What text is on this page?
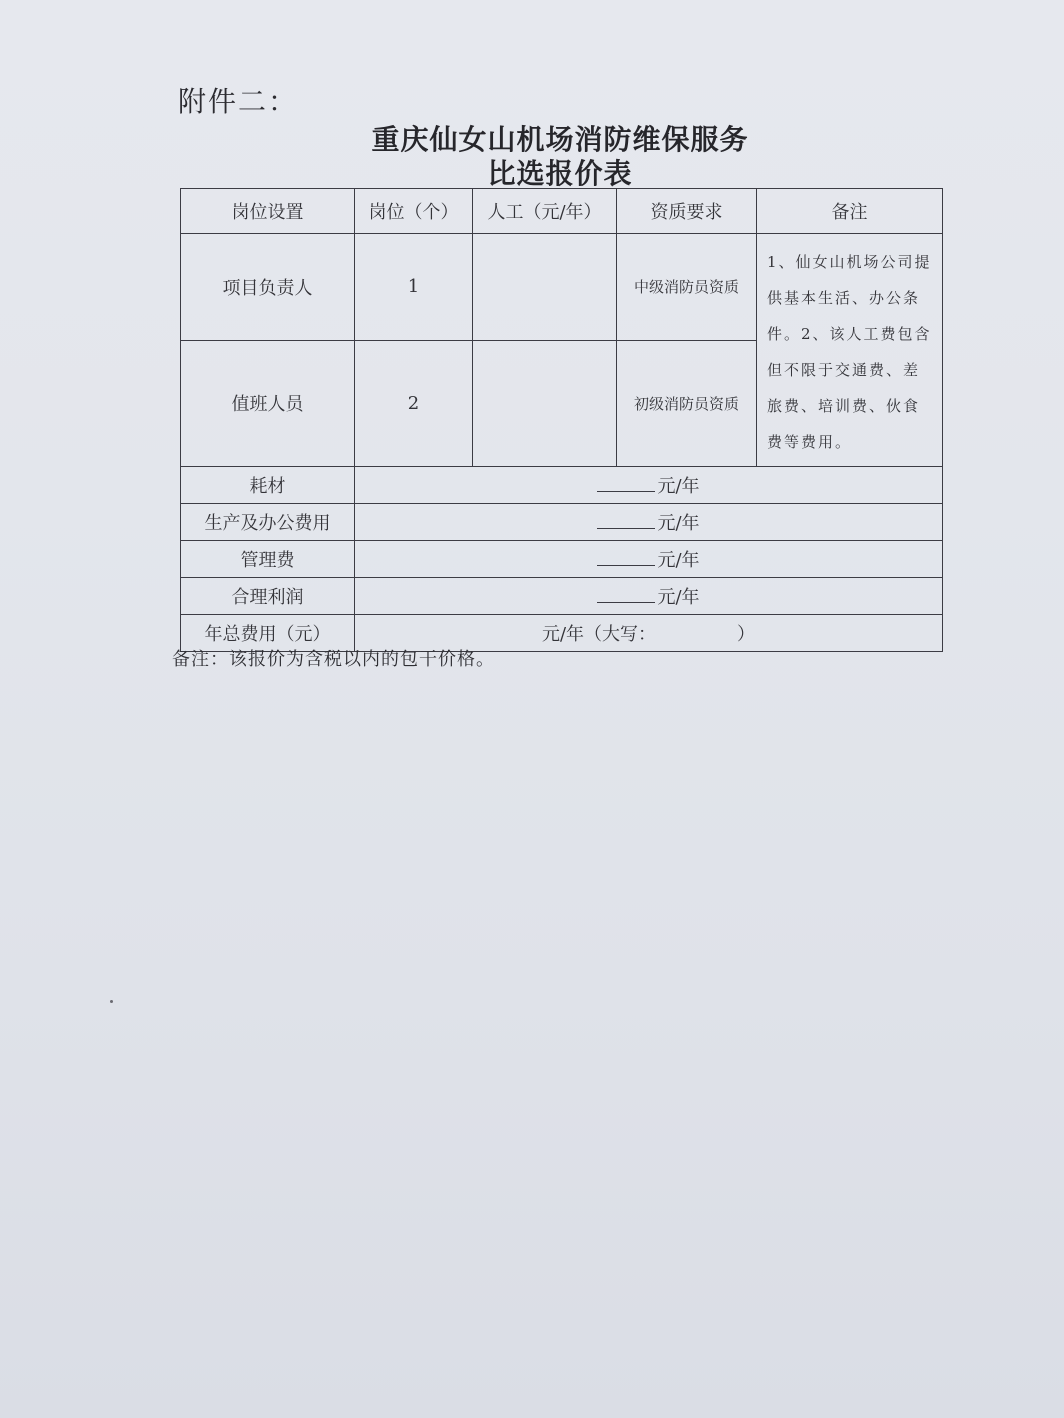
附件二：
重庆仙女山机场消防维保服务
比选报价表
岗位设置	岗位（个）	人工（元/年）	资质要求	备注
项目负责人	1		中级消防员资质	1、仙女山机场公司提供基本生活、办公条件。2、该人工费包含但不限于交通费、差旅费、培训费、伙食费等费用。
值班人员	2		初级消防员资质	
耗材	元/年			
生产及办公费用	元/年			
管理费	元/年			
合理利润	元/年			
年总费用（元）	元/年（大写：　　　　　）			
备注：该报价为含税以内的包干价格。
